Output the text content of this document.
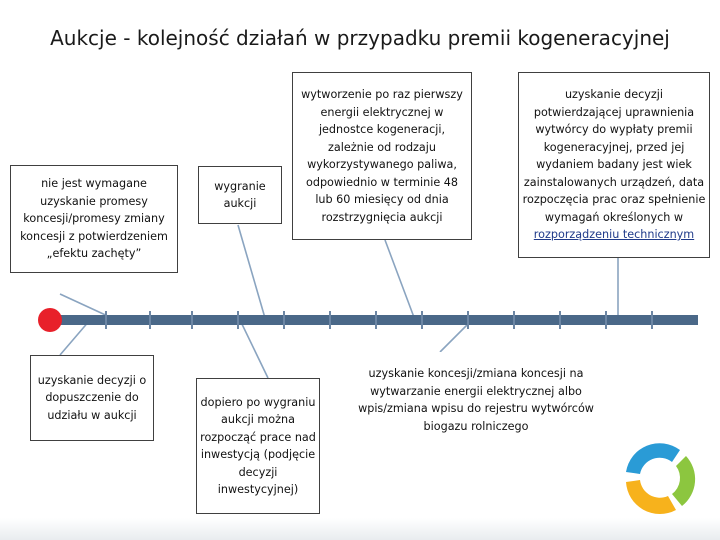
Aukcje - kolejność działań w przypadku premii kogeneracyjnej
nie jest wymagane uzyskanie promesy koncesji/promesy zmiany koncesji z potwierdzeniem „efektu zachęty”
wygranie aukcji
wytworzenie po raz pierwszy energii elektrycznej w jednostce kogeneracji, zależnie od rodzaju wykorzystywanego paliwa, odpowiednio w terminie 48 lub 60 miesięcy od dnia rozstrzygnięcia aukcji
uzyskanie decyzji potwierdzającej uprawnienia wytwórcy do wypłaty premii kogeneracyjnej, przed jej wydaniem badany jest wiek zainstalowanych urządzeń, data rozpoczęcia prac oraz spełnienie wymagań określonych w rozporządzeniu technicznym
uzyskanie decyzji o dopuszczenie do udziału w aukcji
dopiero po wygraniu aukcji można rozpocząć prace nad inwestycją (podjęcie decyzji inwestycyjnej)
uzyskanie koncesji/zmiana koncesji na wytwarzanie energii elektrycznej albo wpis/zmiana wpisu do rejestru wytwórców biogazu rolniczego
